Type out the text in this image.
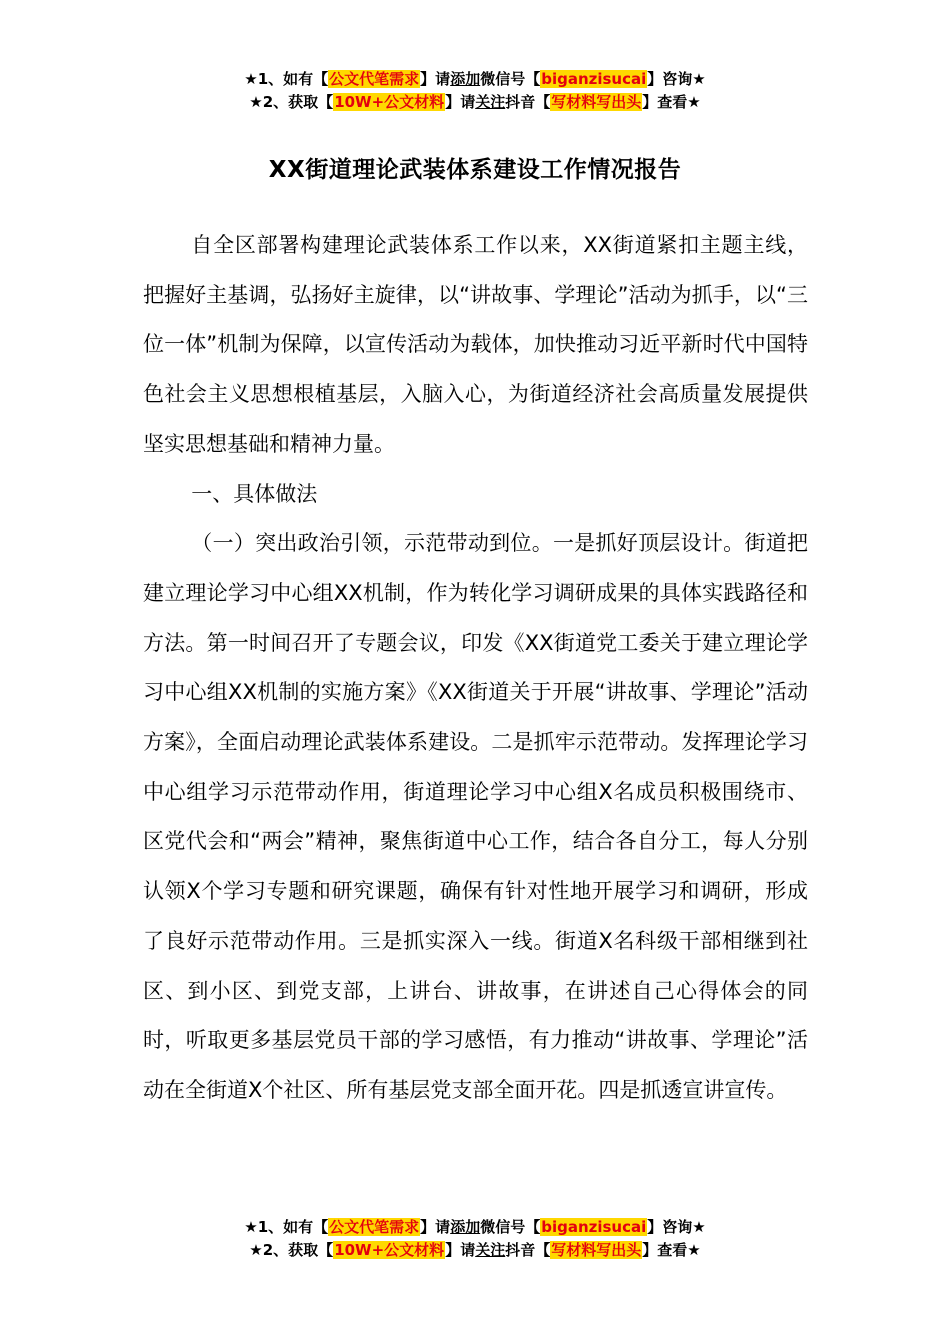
★1、如有【公文代笔需求】请添加微信号【biganzisucai】咨询★
★2、获取【10W+公文材料】请关注抖音【写材料写出头】查看★
XX街道理论武装体系建设工作情况报告

自全区部署构建理论武装体系工作以来，XX街道紧扣主题主线，把握好主基调，弘扬好主旋律，以“讲故事、学理论”活动为抓手，以“三位一体”机制为保障，以宣传活动为载体，加快推动习近平新时代中国特色社会主义思想根植基层，入脑入心，为街道经济社会高质量发展提供坚实思想基础和精神力量。

一、具体做法

（一）突出政治引领，示范带动到位。一是抓好顶层设计。街道把建立理论学习中心组XX机制，作为转化学习调研成果的具体实践路径和方法。第一时间召开了专题会议，印发《XX街道党工委关于建立理论学习中心组XX机制的实施方案》《XX街道关于开展“讲故事、学理论”活动方案》，全面启动理论武装体系建设。二是抓牢示范带动。发挥理论学习中心组学习示范带动作用，街道理论学习中心组X名成员积极围绕市、区党代会和“两会”精神，聚焦街道中心工作，结合各自分工，每人分别认领X个学习专题和研究课题，确保有针对性地开展学习和调研，形成了良好示范带动作用。三是抓实深入一线。街道X名科级干部相继到社区、到小区、到党支部，上讲台、讲故事，在讲述自己心得体会的同时，听取更多基层党员干部的学习感悟，有力推动“讲故事、学理论”活动在全街道X个社区、所有基层党支部全面开花。四是抓透宣讲宣传。

★1、如有【公文代笔需求】请添加微信号【biganzisucai】咨询★
★2、获取【10W+公文材料】请关注抖音【写材料写出头】查看★
